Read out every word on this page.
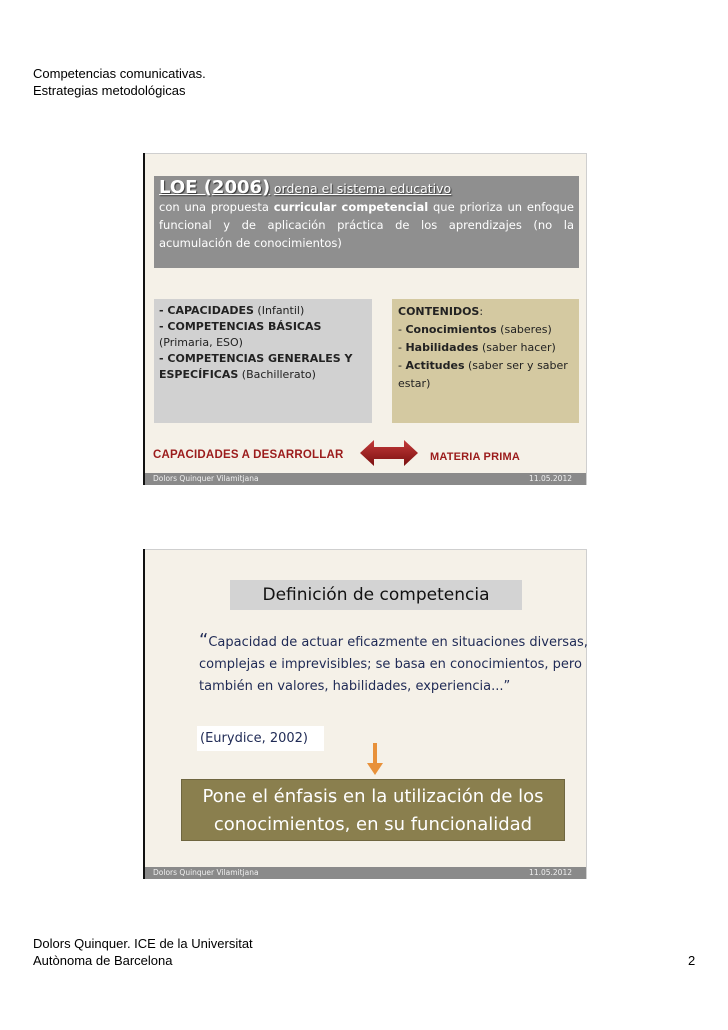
Competencias comunicativas.
Estrategias metodológicas
LOE (2006) ordena el sistema educativo
con una propuesta curricular competencial que prioriza un enfoque funcional y de aplicación práctica de los aprendizajes (no la acumulación de conocimientos)
- CAPACIDADES (Infantil)
- COMPETENCIAS BÁSICAS (Primaria, ESO)
- COMPETENCIAS GENERALES Y ESPECÍFICAS (Bachillerato)
CONTENIDOS:
- Conocimientos (saberes)
- Habilidades (saber hacer)
- Actitudes (saber ser y saber estar)
CAPACIDADES A DESARROLLAR	MATERIA PRIMA
Dolors Quinquer Vilamitjana	11.05.2012
Definición de competencia
“Capacidad de actuar eficazmente en situaciones diversas, complejas e imprevisibles; se basa en conocimientos, pero también en valores, habilidades, experiencia...”
(Eurydice, 2002)
Pone el énfasis en la utilización de los conocimientos, en su funcionalidad
Dolors Quinquer Vilamitjana	11.05.2012
Dolors Quinquer. ICE de la Universitat
Autònoma de Barcelona	2
